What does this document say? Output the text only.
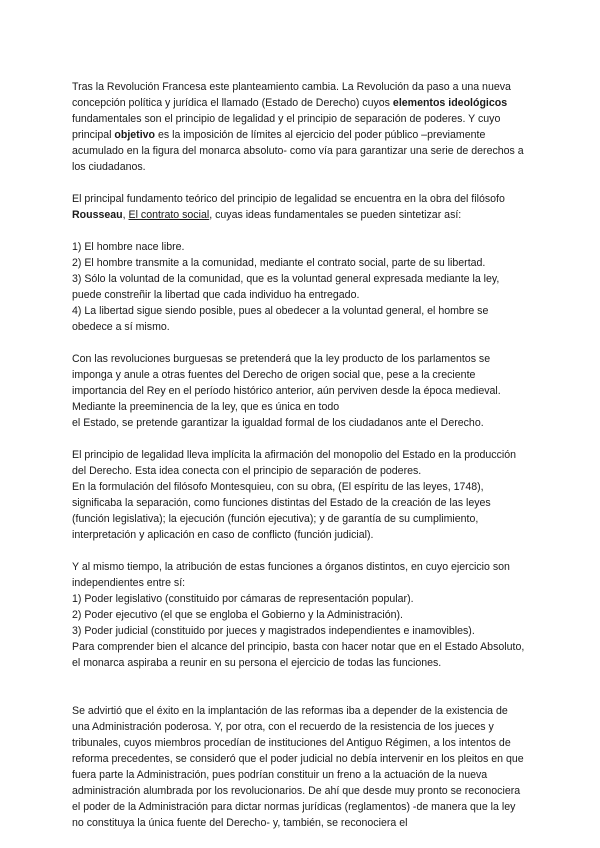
Tras la Revolución Francesa este planteamiento cambia. La Revolución da paso a una nueva concepción política y jurídica el llamado (Estado de Derecho) cuyos elementos ideológicos fundamentales son el principio de legalidad y el principio de separación de poderes. Y cuyo principal objetivo es la imposición de límites al ejercicio del poder público –previamente acumulado en la figura del monarca absoluto- como vía para garantizar una serie de derechos a los ciudadanos.

El principal fundamento teórico del principio de legalidad se encuentra en la obra del filósofo Rousseau, El contrato social, cuyas ideas fundamentales se pueden sintetizar así:

1) El hombre nace libre.

2) El hombre transmite a la comunidad, mediante el contrato social, parte de su libertad.

3) Sólo la voluntad de la comunidad, que es la voluntad general expresada mediante la ley, puede constreñir la libertad que cada individuo ha entregado.

4) La libertad sigue siendo posible, pues al obedecer a la voluntad general, el hombre se obedece a sí mismo.

Con las revoluciones burguesas se pretenderá que la ley producto de los parlamentos se imponga y anule a otras fuentes del Derecho de origen social que, pese a la creciente importancia del Rey en el período histórico anterior, aún perviven desde la época medieval. Mediante la preeminencia de la ley, que es única en todo

el Estado, se pretende garantizar la igualdad formal de los ciudadanos ante el Derecho.

El principio de legalidad lleva implícita la afirmación del monopolio del Estado en la producción del Derecho. Esta idea conecta con el principio de separación de poderes.

En la formulación del filósofo Montesquieu, con su obra, (El espíritu de las leyes, 1748), significaba la separación, como funciones distintas del Estado de la creación de las leyes (función legislativa); la ejecución (función ejecutiva); y de garantía de su cumplimiento, interpretación y aplicación en caso de conflicto (función judicial).

Y al mismo tiempo, la atribución de estas funciones a órganos distintos, en cuyo ejercicio son independientes entre sí:

1) Poder legislativo (constituido por cámaras de representación popular).

2) Poder ejecutivo (el que se engloba el Gobierno y la Administración).

3) Poder judicial (constituido por jueces y magistrados independientes e inamovibles).

Para comprender bien el alcance del principio, basta con hacer notar que en el Estado Absoluto, el monarca aspiraba a reunir en su persona el ejercicio de todas las funciones.

Se advirtió que el éxito en la implantación de las reformas iba a depender de la existencia de una Administración poderosa. Y, por otra, con el recuerdo de la resistencia de los jueces y tribunales, cuyos miembros procedían de instituciones del Antiguo Régimen, a los intentos de reforma precedentes, se consideró que el poder judicial no debía intervenir en los pleitos en que fuera parte la Administración, pues podrían constituir un freno a la actuación de la nueva administración alumbrada por los revolucionarios. De ahí que desde muy pronto se reconociera el poder de la Administración para dictar normas jurídicas (reglamentos) -de manera que la ley no constituya la única fuente del Derecho- y, también, se reconociera el
